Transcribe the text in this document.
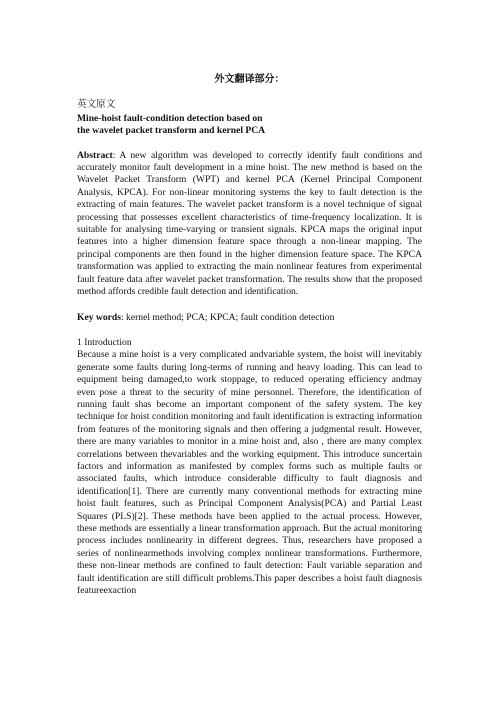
外文翻译部分：
英文原文

Mine-hoist fault-condition detection based on

the wavelet packet transform and kernel PCA

Abstract: A new algorithm was developed to correctly identify fault conditions and accurately monitor fault development in a mine hoist. The new method is based on the Wavelet Packet Transform (WPT) and kernel PCA (Kernel Principal Component Analysis, KPCA). For non-linear monitoring systems the key to fault detection is the extracting of main features. The wavelet packet transform is a novel technique of signal processing that possesses excellent characteristics of time-frequency localization. It is suitable for analysing time-varying or transient signals. KPCA maps the original input features into a higher dimension feature space through a non-linear mapping. The principal components are then found in the higher dimension feature space. The KPCA transformation was applied to extracting the main nonlinear features from experimental fault feature data after wavelet packet transformation. The results show that the proposed method affords credible fault detection and identification.

Key words: kernel method; PCA; KPCA; fault condition detection

1 Introduction

Because a mine hoist is a very complicated andvariable system, the hoist will inevitably generate some faults during long-terms of running and heavy loading. This can lead to equipment being damaged,to work stoppage, to reduced operating efficiency andmay even pose a threat to the security of mine personnel. Therefore, the identification of running fault shas become an important component of the safety system. The key technique for hoist condition monitoring and fault identification is extracting information from features of the monitoring signals and then offering a judgmental result. However, there are many variables to monitor in a mine hoist and, also , there are many complex correlations between thevariables and the working equipment. This introduce suncertain factors and information as manifested by complex forms such as multiple faults or associated faults, which introduce considerable difficulty to fault diagnosis and identification[1]. There are currently many conventional methods for extracting mine hoist fault features, such as Principal Component Analysis(PCA) and Partial Least Squares (PLS)[2]. These methods have been applied to the actual process. However, these methods are essentially a linear transformation approach. But the actual monitoring process includes nonlinearity in different degrees. Thus, researchers have proposed a series of nonlinearmethods involving complex nonlinear transformations. Furthermore, these non-linear methods are confined to fault detection: Fault variable separation and fault identification are still difficult problems.This paper describes a hoist fault diagnosis featureexaction
